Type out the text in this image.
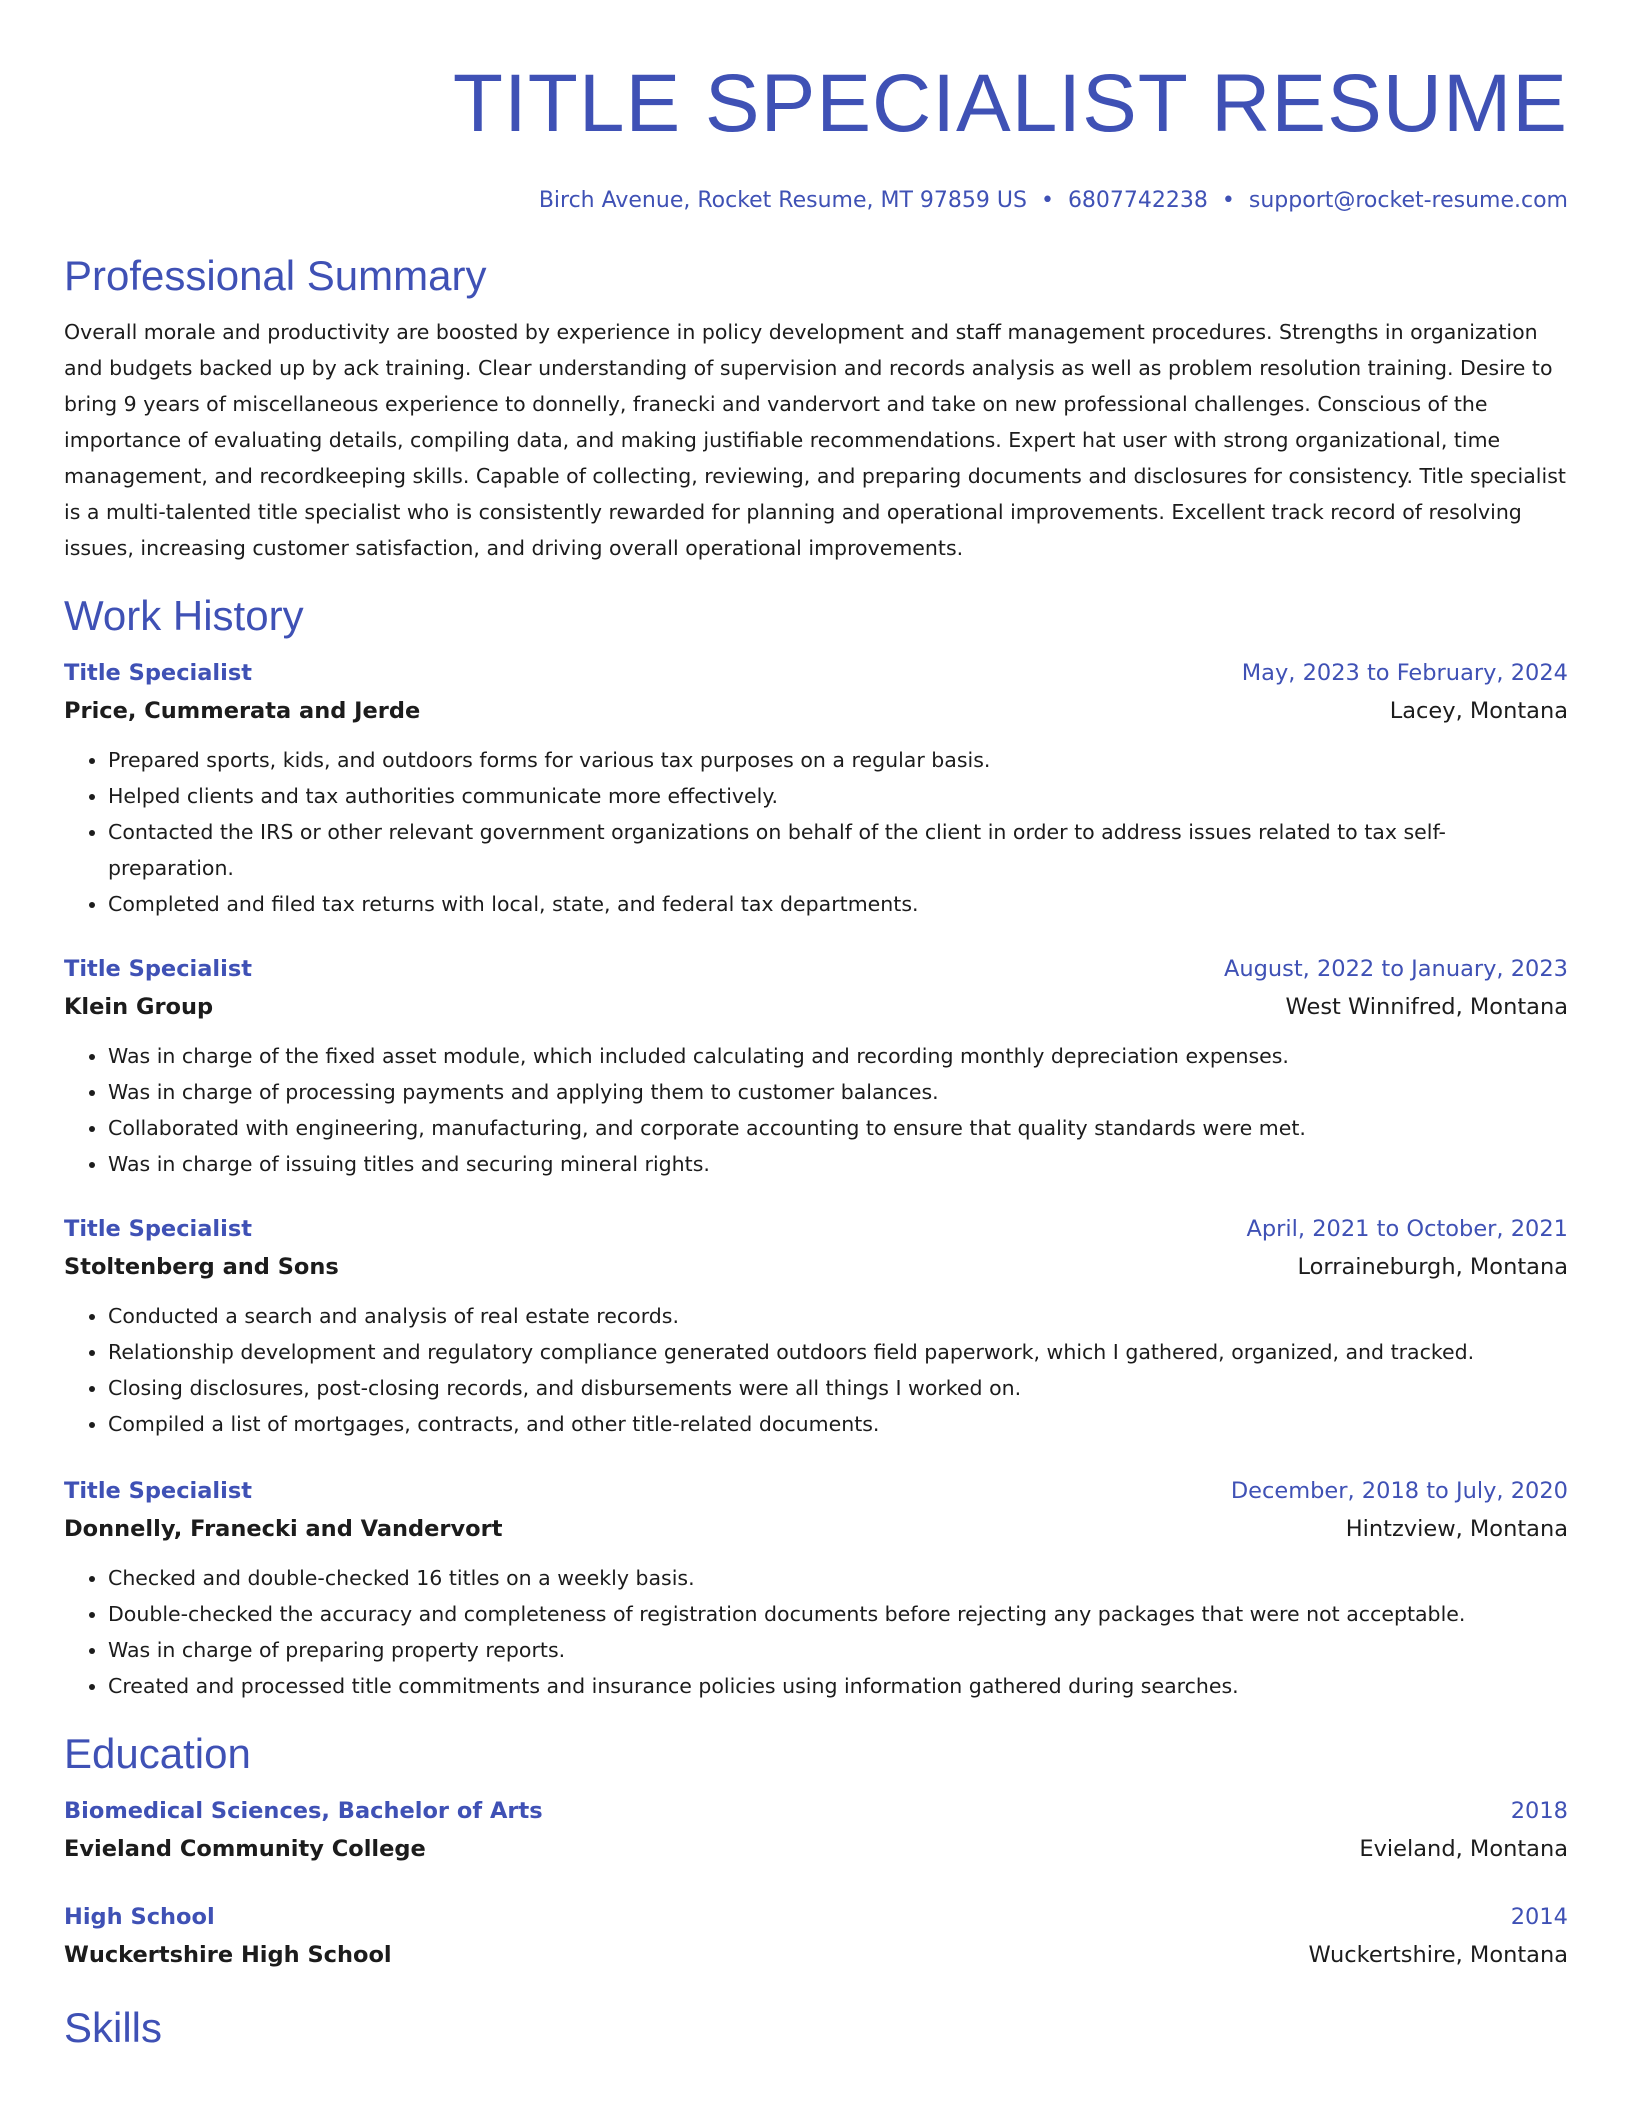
TITLE SPECIALIST RESUME
Birch Avenue, Rocket Resume, MT 97859 US • 6807742238 • support@rocket-resume.com
Professional Summary
Overall morale and productivity are boosted by experience in policy development and staff management procedures. Strengths in organization and budgets backed up by ack training. Clear understanding of supervision and records analysis as well as problem resolution training. Desire to bring 9 years of miscellaneous experience to donnelly, franecki and vandervort and take on new professional challenges. Conscious of the importance of evaluating details, compiling data, and making justifiable recommendations. Expert hat user with strong organizational, time management, and recordkeeping skills. Capable of collecting, reviewing, and preparing documents and disclosures for consistency. Title specialist is a multi-talented title specialist who is consistently rewarded for planning and operational improvements. Excellent track record of resolving issues, increasing customer satisfaction, and driving overall operational improvements.
Work History
Title Specialist	May, 2023 to February, 2024
Price, Cummerata and Jerde	Lacey, Montana
• Prepared sports, kids, and outdoors forms for various tax purposes on a regular basis.
• Helped clients and tax authorities communicate more effectively.
• Contacted the IRS or other relevant government organizations on behalf of the client in order to address issues related to tax self-preparation.
• Completed and filed tax returns with local, state, and federal tax departments.
Title Specialist	August, 2022 to January, 2023
Klein Group	West Winnifred, Montana
• Was in charge of the fixed asset module, which included calculating and recording monthly depreciation expenses.
• Was in charge of processing payments and applying them to customer balances.
• Collaborated with engineering, manufacturing, and corporate accounting to ensure that quality standards were met.
• Was in charge of issuing titles and securing mineral rights.
Title Specialist	April, 2021 to October, 2021
Stoltenberg and Sons	Lorraineburgh, Montana
• Conducted a search and analysis of real estate records.
• Relationship development and regulatory compliance generated outdoors field paperwork, which I gathered, organized, and tracked.
• Closing disclosures, post-closing records, and disbursements were all things I worked on.
• Compiled a list of mortgages, contracts, and other title-related documents.
Title Specialist	December, 2018 to July, 2020
Donnelly, Franecki and Vandervort	Hintzview, Montana
• Checked and double-checked 16 titles on a weekly basis.
• Double-checked the accuracy and completeness of registration documents before rejecting any packages that were not acceptable.
• Was in charge of preparing property reports.
• Created and processed title commitments and insurance policies using information gathered during searches.
Education
Biomedical Sciences, Bachelor of Arts	2018
Evieland Community College	Evieland, Montana
High School	2014
Wuckertshire High School	Wuckertshire, Montana
Skills
